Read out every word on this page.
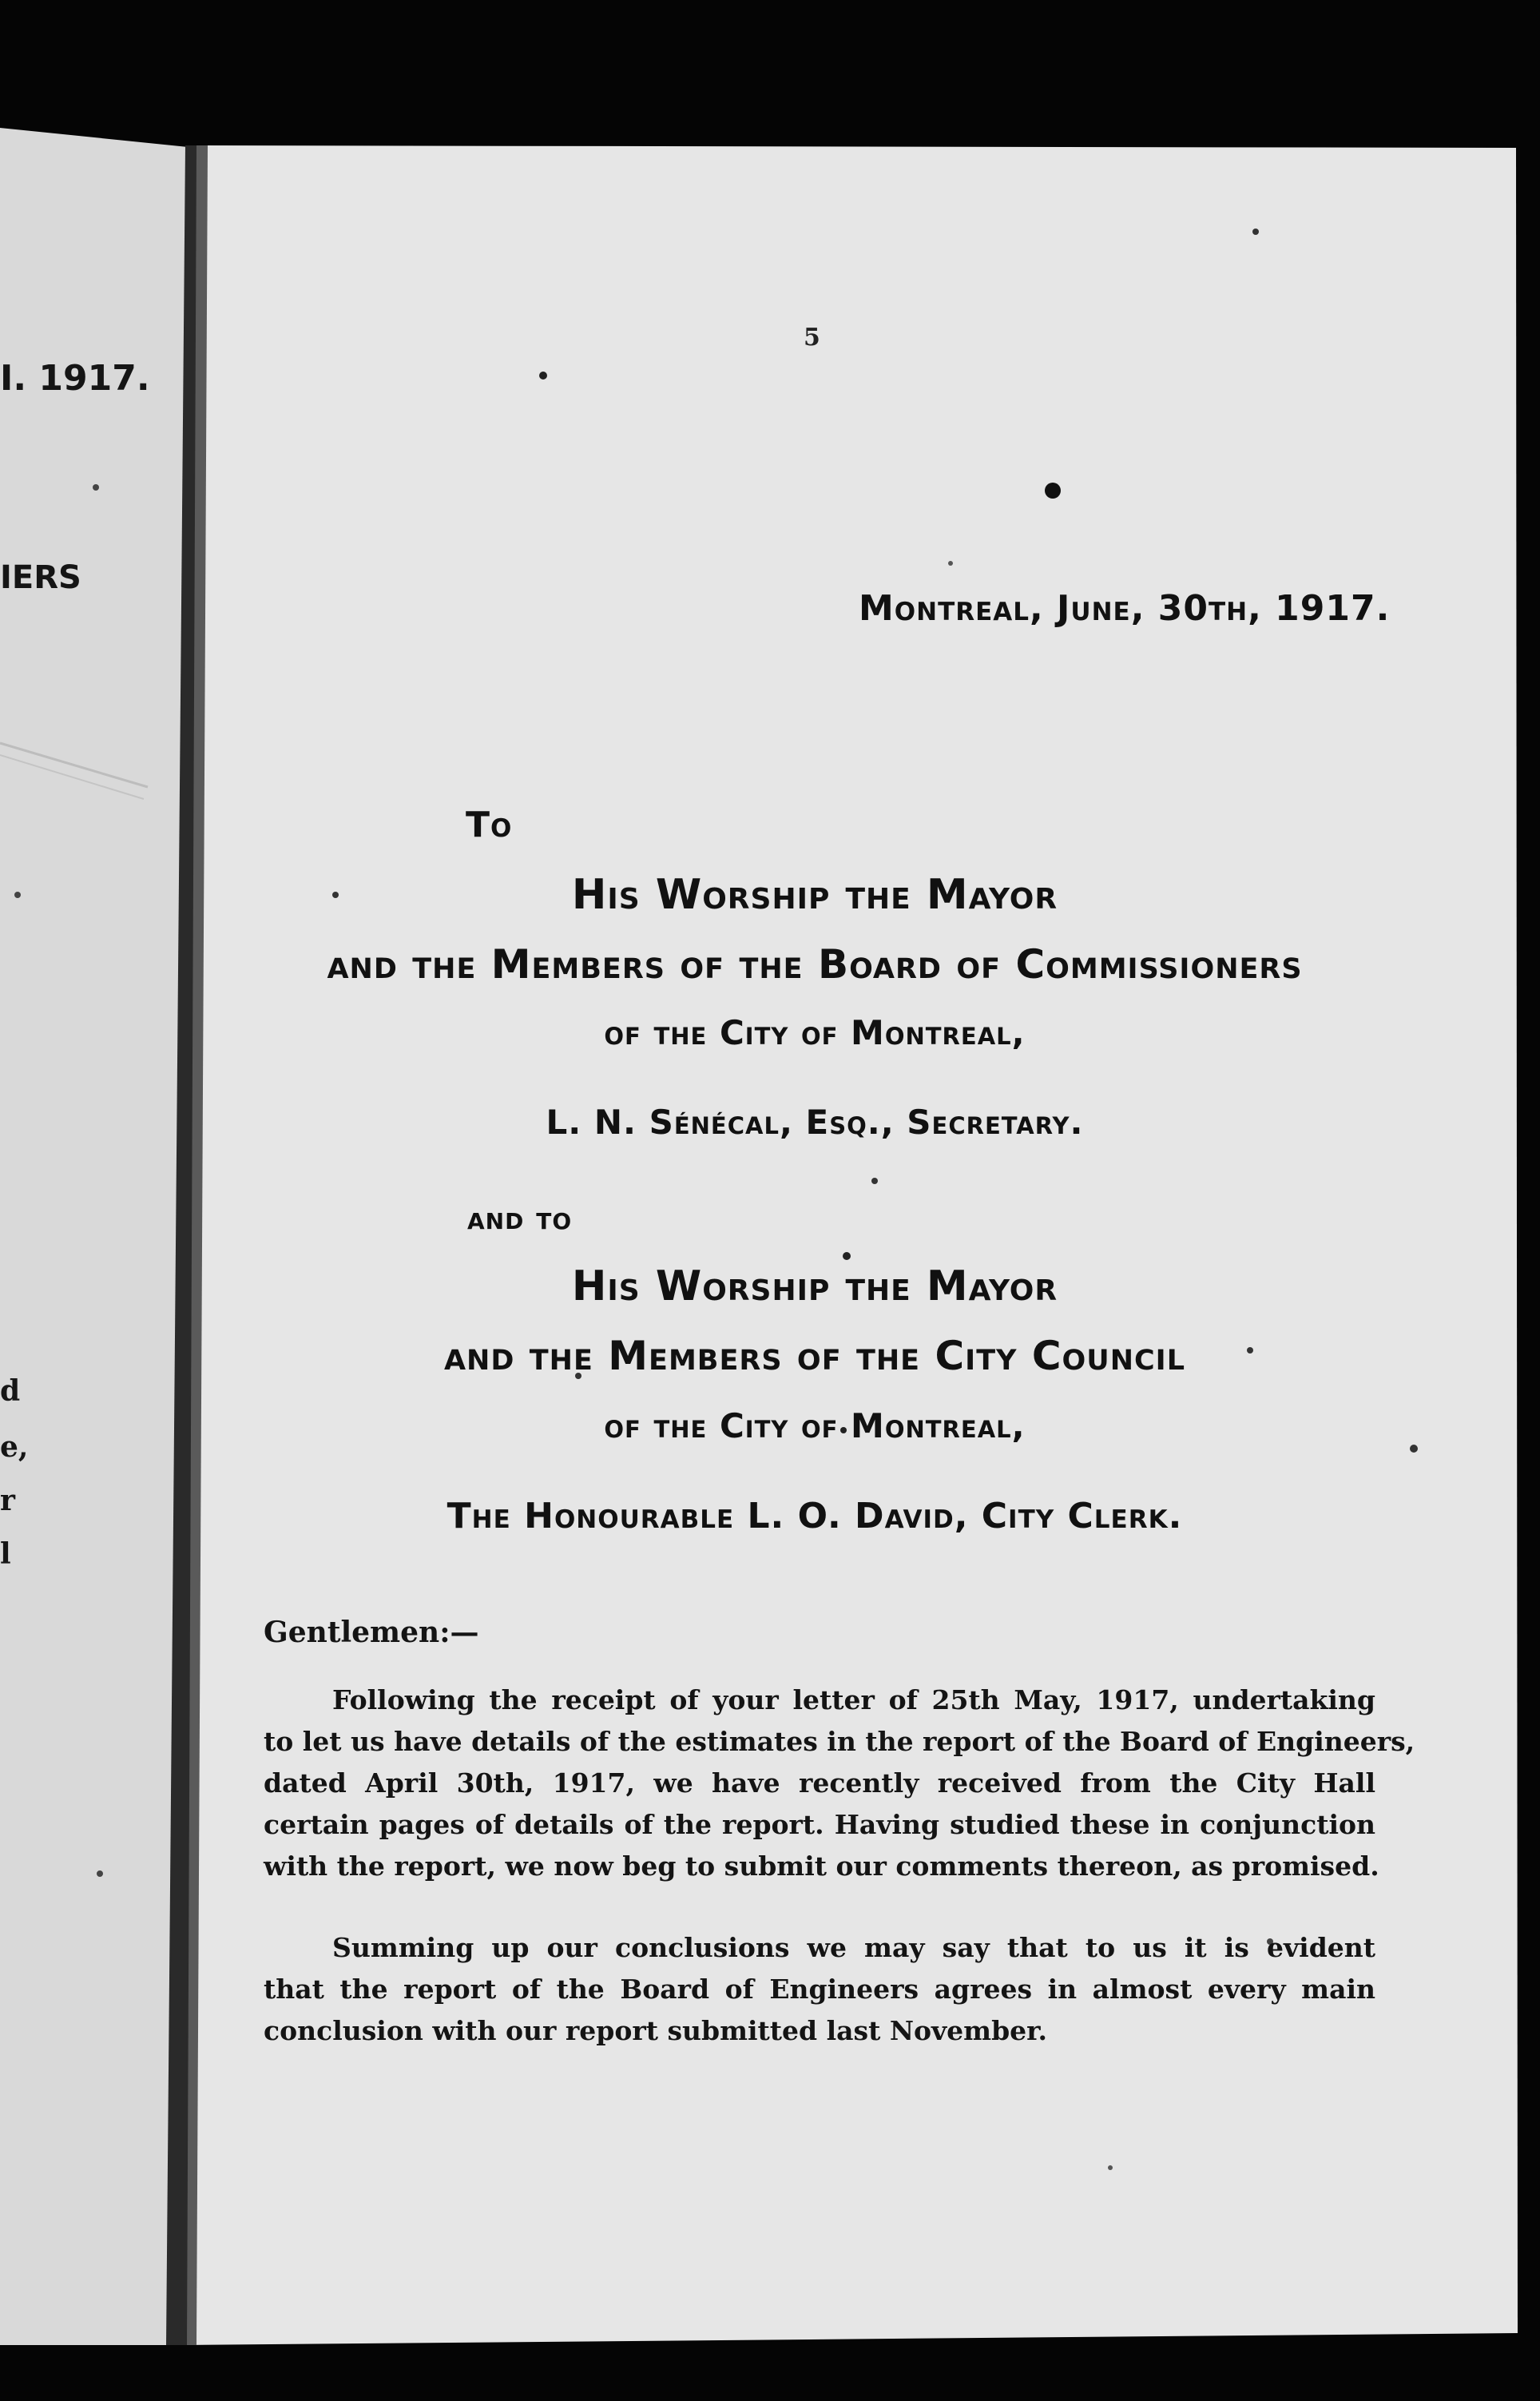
I. 1917.
IERS
d
e,
r
l
5
Montreal, June, 30th, 1917.
To
His Worship the Mayor
and the Members of the Board of Commissioners
of the City of Montreal,
L. N. Sénécal, Esq., Secretary.
and to
His Worship the Mayor
and the Members of the City Council
of the City of Montreal,
The Honourable L. O. David, City Clerk.
Gentlemen:—
Following the receipt of your letter of 25th May, 1917, undertaking
to let us have details of the estimates in the report of the Board of Engineers,
dated April 30th, 1917, we have recently received from the City Hall
certain pages of details of the report. Having studied these in conjunction
with the report, we now beg to submit our comments thereon, as promised.
Summing up our conclusions we may say that to us it is evident
that the report of the Board of Engineers agrees in almost every main
conclusion with our report submitted last November.
